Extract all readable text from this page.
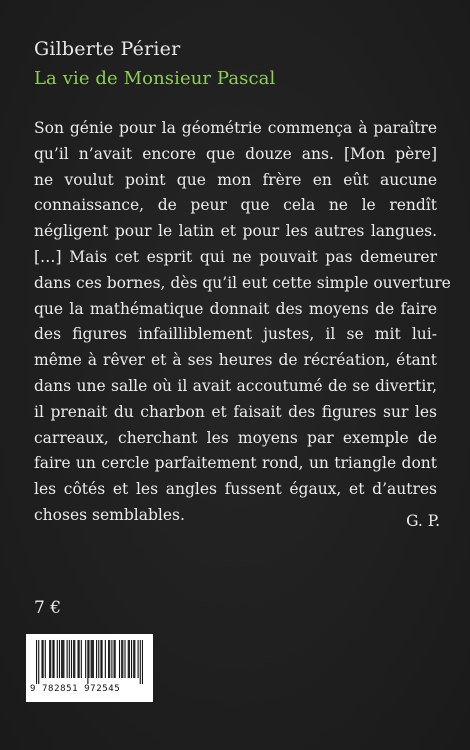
Gilberte Périer
La vie de Monsieur Pascal
Son génie pour la géométrie commença à paraître
qu’il n’avait encore que douze ans. [Mon père]
ne voulut point que mon frère en eût aucune
connaissance, de peur que cela ne le rendît
négligent pour le latin et pour les autres langues.
[…] Mais cet esprit qui ne pouvait pas demeurer
dans ces bornes, dès qu’il eut cette simple ouverture
que la mathématique donnait des moyens de faire
des figures infailliblement justes, il se mit lui-
même à rêver et à ses heures de récréation, étant
dans une salle où il avait accoutumé de se divertir,
il prenait du charbon et faisait des figures sur les
carreaux, cherchant les moyens par exemple de
faire un cercle parfaitement rond, un triangle dont
les côtés et les angles fussent égaux, et d’autres
choses semblables.	G. P.
7 €
9 782851 972545
